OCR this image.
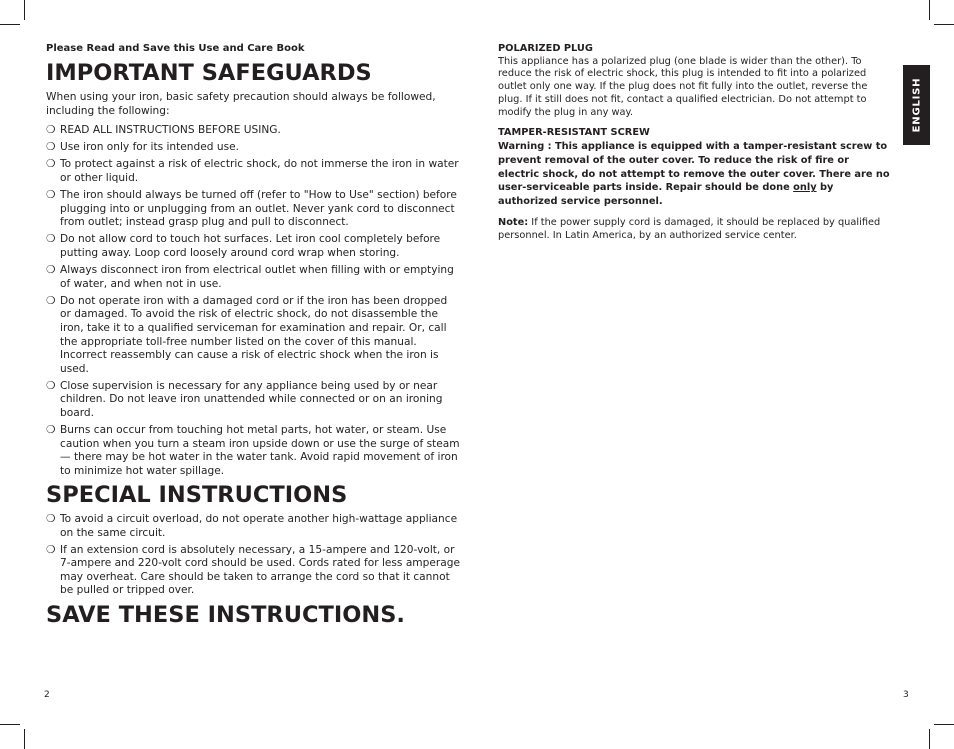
Please Read and Save this Use and Care Book

IMPORTANT SAFEGUARDS

When using your iron, basic safety precaution should always be followed, including the following:

❍ READ ALL INSTRUCTIONS BEFORE USING.
❍ Use iron only for its intended use.
❍ To protect against a risk of electric shock, do not immerse the iron in water or other liquid.
❍ The iron should always be turned off (refer to "How to Use" section) before plugging into or unplugging from an outlet. Never yank cord to disconnect from outlet; instead grasp plug and pull to disconnect.
❍ Do not allow cord to touch hot surfaces. Let iron cool completely before putting away. Loop cord loosely around cord wrap when storing.
❍ Always disconnect iron from electrical outlet when filling with or emptying of water, and when not in use.
❍ Do not operate iron with a damaged cord or if the iron has been dropped or damaged. To avoid the risk of electric shock, do not disassemble the iron, take it to a qualified serviceman for examination and repair. Or, call the appropriate toll-free number listed on the cover of this manual. Incorrect reassembly can cause a risk of electric shock when the iron is used.
❍ Close supervision is necessary for any appliance being used by or near children. Do not leave iron unattended while connected or on an ironing board.
❍ Burns can occur from touching hot metal parts, hot water, or steam. Use caution when you turn a steam iron upside down or use the surge of steam — there may be hot water in the water tank. Avoid rapid movement of iron to minimize hot water spillage.
SPECIAL INSTRUCTIONS
❍ To avoid a circuit overload, do not operate another high-wattage appliance on the same circuit.
❍ If an extension cord is absolutely necessary, a 15-ampere and 120-volt, or 7-ampere and 220-volt cord should be used. Cords rated for less amperage may overheat. Care should be taken to arrange the cord so that it cannot be pulled or tripped over.
SAVE THESE INSTRUCTIONS.

POLARIZED PLUG

This appliance has a polarized plug (one blade is wider than the other). To reduce the risk of electric shock, this plug is intended to fit into a polarized outlet only one way. If the plug does not fit fully into the outlet, reverse the plug. If it still does not fit, contact a qualified electrician. Do not attempt to modify the plug in any way.

TAMPER-RESISTANT SCREW

Warning : This appliance is equipped with a tamper-resistant screw to prevent removal of the outer cover. To reduce the risk of fire or electric shock, do not attempt to remove the outer cover. There are no user-serviceable parts inside. Repair should be done only by authorized service personnel.

Note: If the power supply cord is damaged, it should be replaced by qualified personnel. In Latin America, by an authorized service center.

ENGLISH
2	3
